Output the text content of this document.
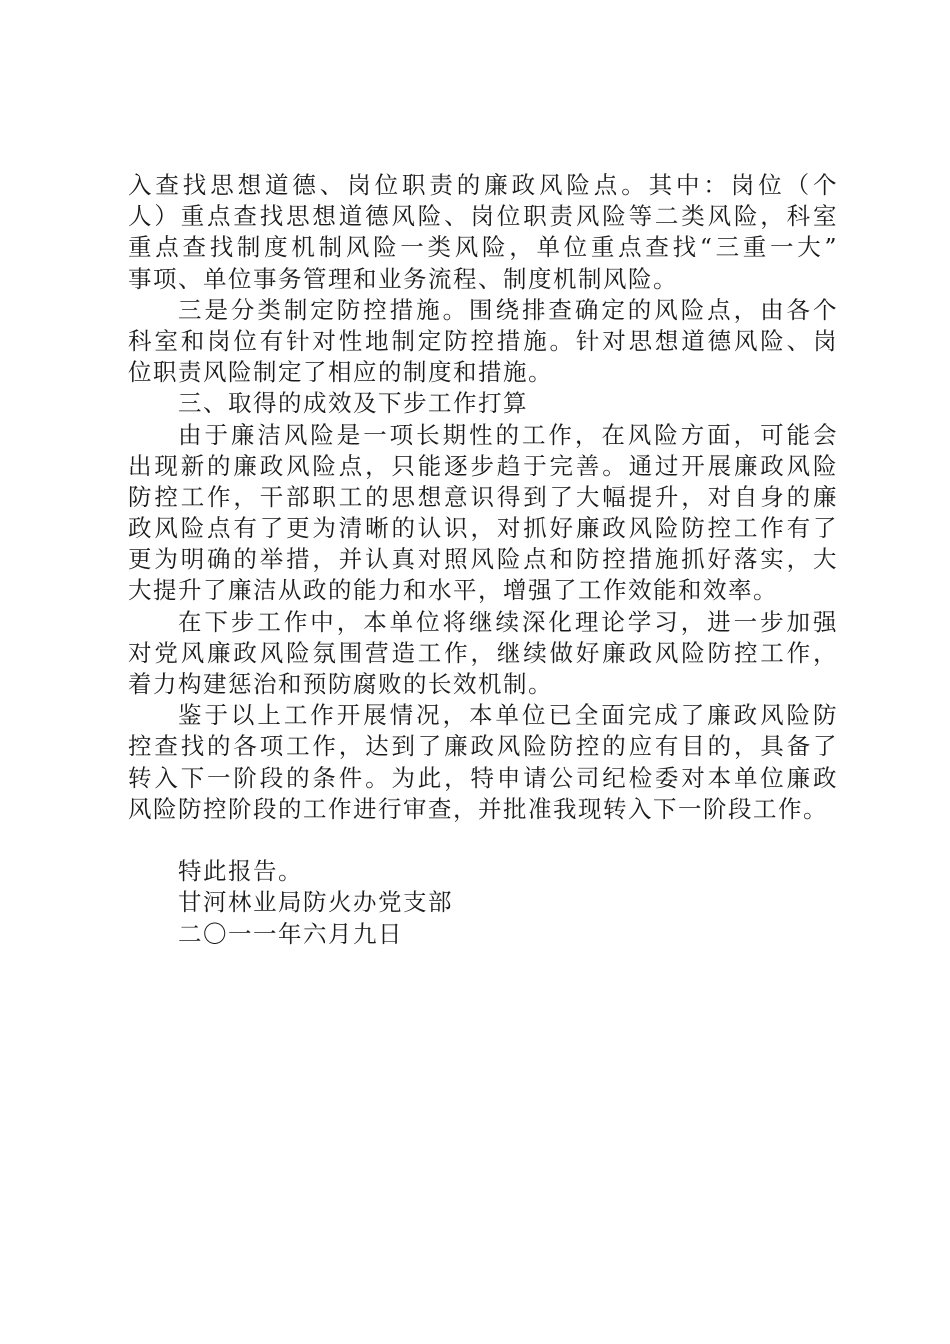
入查找思想道德、岗位职责的廉政风险点。其中：岗位（个
人）重点查找思想道德风险、岗位职责风险等二类风险，科室
重点查找制度机制风险一类风险，单位重点查找“三重一大”
事项、单位事务管理和业务流程、制度机制风险。
三是分类制定防控措施。围绕排查确定的风险点，由各个
科室和岗位有针对性地制定防控措施。针对思想道德风险、岗
位职责风险制定了相应的制度和措施。
三、取得的成效及下步工作打算
由于廉洁风险是一项长期性的工作，在风险方面，可能会
出现新的廉政风险点，只能逐步趋于完善。通过开展廉政风险
防控工作，干部职工的思想意识得到了大幅提升，对自身的廉
政风险点有了更为清晰的认识，对抓好廉政风险防控工作有了
更为明确的举措，并认真对照风险点和防控措施抓好落实，大
大提升了廉洁从政的能力和水平，增强了工作效能和效率。
在下步工作中，本单位将继续深化理论学习，进一步加强
对党风廉政风险氛围营造工作，继续做好廉政风险防控工作，
着力构建惩治和预防腐败的长效机制。
鉴于以上工作开展情况，本单位已全面完成了廉政风险防
控查找的各项工作，达到了廉政风险防控的应有目的，具备了
转入下一阶段的条件。为此，特申请公司纪检委对本单位廉政
风险防控阶段的工作进行审查，并批准我现转入下一阶段工作。
特此报告。
甘河林业局防火办党支部
二〇一一年六月九日
